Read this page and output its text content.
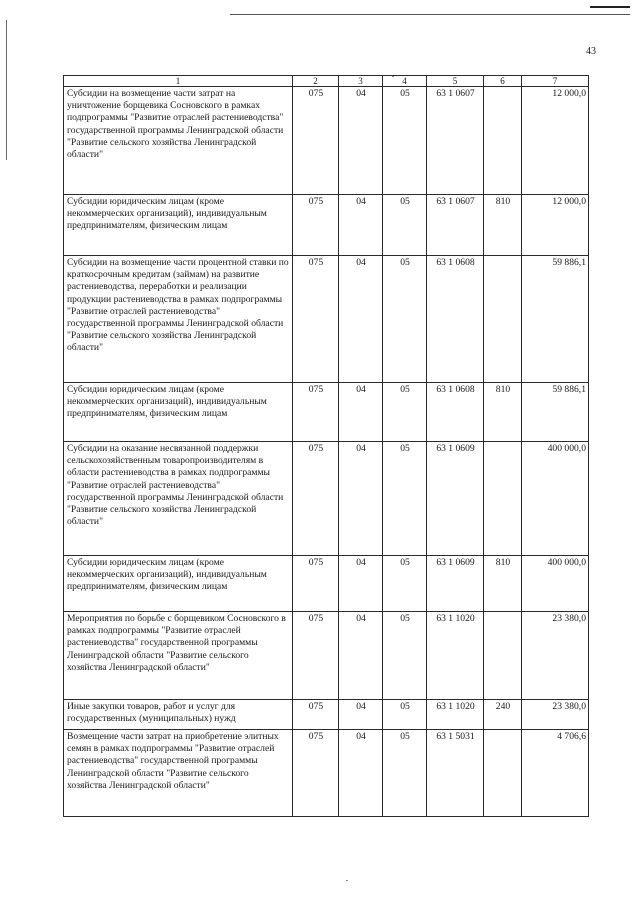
43
1	2	3	4	5	6	7
Субсидии на возмещение части затрат на уничтожение борщевика Сосновского в рамках подпрограммы "Развитие отраслей растениеводства" государственной программы Ленинградской области "Развитие сельского хозяйства Ленинградской области"	075	04	05	63 1 0607		12 000,0
Субсидии юридическим лицам (кроме некоммерческих организаций), индивидуальным предпринимателям, физическим лицам	075	04	05	63 1 0607	810	12 000,0
Субсидии на возмещение части процентной ставки по краткосрочным кредитам (займам) на развитие растениеводства, переработки и реализации продукции растениеводства в рамках подпрограммы "Развитие отраслей растениеводства" государственной программы Ленинградской области "Развитие сельского хозяйства Ленинградской области"	075	04	05	63 1 0608		59 886,1
Субсидии юридическим лицам (кроме некоммерческих организаций), индивидуальным предпринимателям, физическим лицам	075	04	05	63 1 0608	810	59 886,1
Субсидии на оказание несвязанной поддержки сельскохозяйственным товаропроизводителям в области растениеводства в рамках подпрограммы "Развитие отраслей растениеводства" государственной программы Ленинградской области "Развитие сельского хозяйства Ленинградской области"	075	04	05	63 1 0609		400 000,0
Субсидии юридическим лицам (кроме некоммерческих организаций), индивидуальным предпринимателям, физическим лицам	075	04	05	63 1 0609	810	400 000,0
Мероприятия по борьбе с борщевиком Сосновского в рамках подпрограммы "Развитие отраслей растениеводства" государственной программы Ленинградской области "Развитие сельского хозяйства Ленинградской области"	075	04	05	63 1 1020		23 380,0
Иные закупки товаров, работ и услуг для государственных (муниципальных) нужд	075	04	05	63 1 1020	240	23 380,0
Возмещение части затрат на приобретение элитных семян в рамках подпрограммы "Развитие отраслей растениеводства" государственной программы Ленинградской области "Развитие сельского хозяйства Ленинградской области"	075	04	05	63 1 5031		4 706,6
